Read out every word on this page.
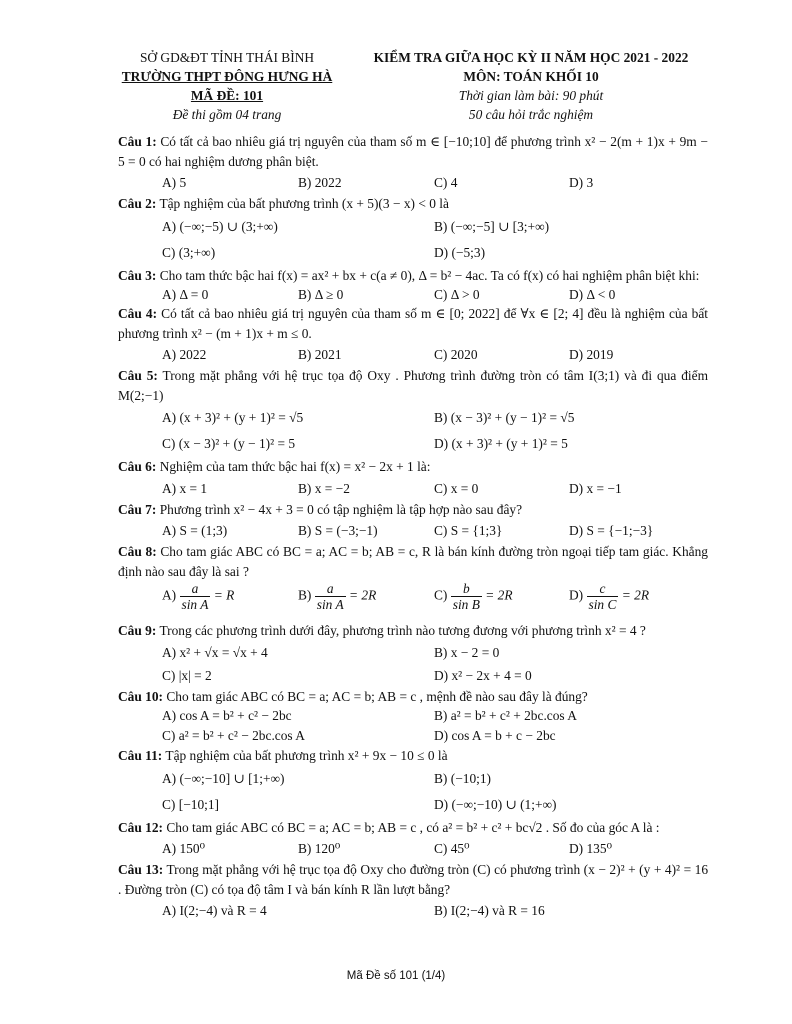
SỞ GD&ĐT TỈNH THÁI BÌNH
TRƯỜNG THPT ĐÔNG HƯNG HÀ
MÃ ĐỀ: 101
Đề thi gồm 04 trang
KIỂM TRA GIỮA HỌC KỲ II NĂM HỌC 2021 - 2022
MÔN: TOÁN KHỐI 10
Thời gian làm bài: 90 phút
50 câu hỏi trắc nghiệm
Câu 1: Có tất cả bao nhiêu giá trị nguyên của tham số m ∈ [−10;10] để phương trình x² − 2(m + 1)x + 9m − 5 = 0 có hai nghiệm dương phân biệt.
A) 5	B) 2022	C) 4	D) 3
Câu 2: Tập nghiệm của bất phương trình (x + 5)(3 − x) < 0 là
A) (−∞;−5) ∪ (3;+∞)	B) (−∞;−5] ∪ [3;+∞)
C) (3;+∞)	D) (−5;3)
Câu 3: Cho tam thức bậc hai f(x) = ax² + bx + c(a ≠ 0), Δ = b² − 4ac. Ta có f(x) có hai nghiệm phân biệt khi:
A) Δ = 0	B) Δ ≥ 0	C) Δ > 0	D) Δ < 0
Câu 4: Có tất cả bao nhiêu giá trị nguyên của tham số m ∈ [0; 2022] để ∀x ∈ [2; 4] đều là nghiệm của bất phương trình x² − (m + 1)x + m ≤ 0.
A) 2022	B) 2021	C) 2020	D) 2019
Câu 5: Trong mặt phẳng với hệ trục tọa độ Oxy . Phương trình đường tròn có tâm I(3;1) và đi qua điểm M(2;−1)
A) (x + 3)² + (y + 1)² = √5	B) (x − 3)² + (y − 1)² = √5
C) (x − 3)² + (y − 1)² = 5	D) (x + 3)² + (y + 1)² = 5
Câu 6: Nghiệm của tam thức bậc hai f(x) = x² − 2x + 1 là:
A) x = 1	B) x = −2	C) x = 0	D) x = −1
Câu 7: Phương trình x² − 4x + 3 = 0 có tập nghiệm là tập hợp nào sau đây?
A) S = (1;3)	B) S = (−3;−1)	C) S = {1;3}	D) S = {−1;−3}
Câu 8: Cho tam giác ABC có BC = a; AC = b; AB = c, R là bán kính đường tròn ngoại tiếp tam giác. Khẳng định nào sau đây là sai ?
$A) \frac{a}{\text{sin A}} = R$	$B) \frac{a}{\text{sin A}} = 2R$	$C) \frac{b}{\text{sin B}} = 2R$	$D) \frac{c}{\text{sin C}} = 2R$
Câu 9: Trong các phương trình dưới đây, phương trình nào tương đương với phương trình x² = 4 ?
A) x² + √x = √x + 4	B) x − 2 = 0
C) |x| = 2	D) x² − 2x + 4 = 0
Câu 10: Cho tam giác ABC có BC = a; AC = b; AB = c , mệnh đề nào sau đây là đúng?
A) cos A = b² + c² − 2bc	B) a² = b² + c² + 2bc.cos A
C) a² = b² + c² − 2bc.cos A	D) cos A = b + c − 2bc
Câu 11: Tập nghiệm của bất phương trình x² + 9x − 10 ≤ 0 là
A) (−∞;−10] ∪ [1;+∞)	B) (−10;1)
C) [−10;1]	D) (−∞;−10) ∪ (1;+∞)
Câu 12: Cho tam giác ABC có BC = a; AC = b; AB = c , có a² = b² + c² + bc√2 . Số đo của góc A là :
A) 150⁰	B) 120⁰	C) 45⁰	D) 135⁰
Câu 13: Trong mặt phẳng với hệ trục tọa độ Oxy cho đường tròn (C) có phương trình (x − 2)² + (y + 4)² = 16 . Đường tròn (C) có tọa độ tâm I và bán kính R lần lượt bằng?
A) I(2;−4) và R = 4	B) I(2;−4) và R = 16
Mã Đề số 101 (1/4)
